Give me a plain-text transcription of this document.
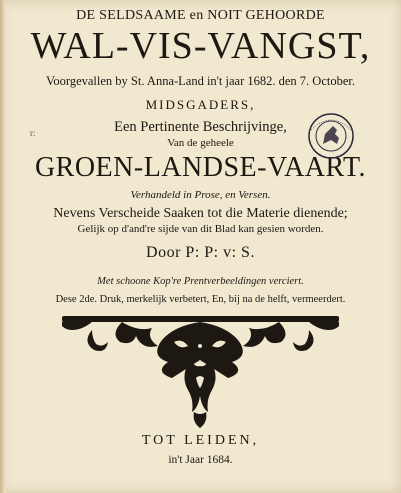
DE SELDSAAME en NOIT GEHOORDE
WAL-VIS-VANGST,
Voorgevallen by St. Anna-Land in't jaar 1682. den 7. October.
MIDSGADERS,
Een Pertinente Beschrijvinge,
Van de geheele
GROEN-LANDSE-VAART.
Verhandeld in Prose, en Versen.
Nevens Verscheide Saaken tot die Materie dienende;
Gelijk op d'and're sijde van dit Blad kan gesien worden.
Door P: P: v: S.
Met schoone Kop're Prentverbeeldingen verciert.
Dese 2de. Druk, merkelijk verbetert, En, bij na de helft, vermeerdert.
TOT LEIDEN,
in't Jaar 1684.
r:
